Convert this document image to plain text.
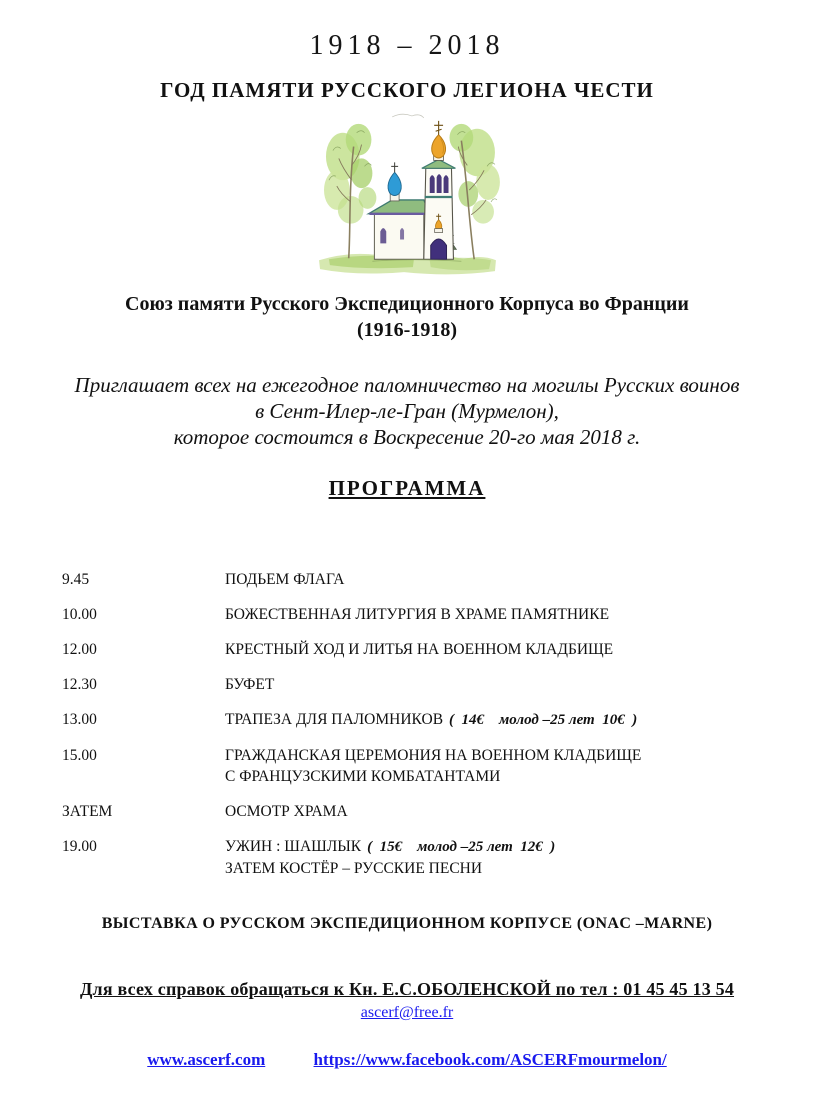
1918 – 2018
ГОД ПАМЯТИ РУССКОГО ЛЕГИОНА ЧЕСТИ
Союз памяти Русского Экспедиционного Корпуса во Франции
(1916-1918)
Приглашает всех на ежегодное паломничество на могилы Русских воинов
в Сент-Илер-ле-Гран (Мурмелон),
которое состоится в Воскресение 20-го мая 2018 г.
ПРОГРАММА
9.45	ПОДЬЕМ ФЛАГА
10.00	БОЖЕСТВЕННАЯ ЛИТУРГИЯ В ХРАМЕ ПАМЯТНИКЕ
12.00	КРЕСТНЫЙ ХОД И ЛИТЬЯ НА ВОЕННОМ КЛАДБИЩЕ
12.30	БУФЕТ
13.00	ТРАПЕЗА ДЛЯ ПАЛОМНИКОВ (  14€    молод –25 лет  10€  )
15.00	ГРАЖДАНСКАЯ ЦЕРЕМОНИЯ НА ВОЕННОМ КЛАДБИЩЕ
С ФРАНЦУЗСКИМИ КОМБАТАНТАМИ
ЗАТЕМ	ОСМОТР ХРАМА
19.00	УЖИН : ШАШЛЫК (  15€    молод –25 лет  12€  )
ЗАТЕМ КОСТЁР – РУССКИЕ ПЕСНИ
ВЫСТАВКА О РУССКОМ ЭКСПЕДИЦИОННОМ КОРПУСЕ (ONAC –MARNE)
Для всех справок обращаться к Кн. Е.С.ОБОЛЕНСКОЙ по тел : 01 45 45 13 54
ascerf@free.fr
www.ascerf.com	https://www.facebook.com/ASCERFmourmelon/
